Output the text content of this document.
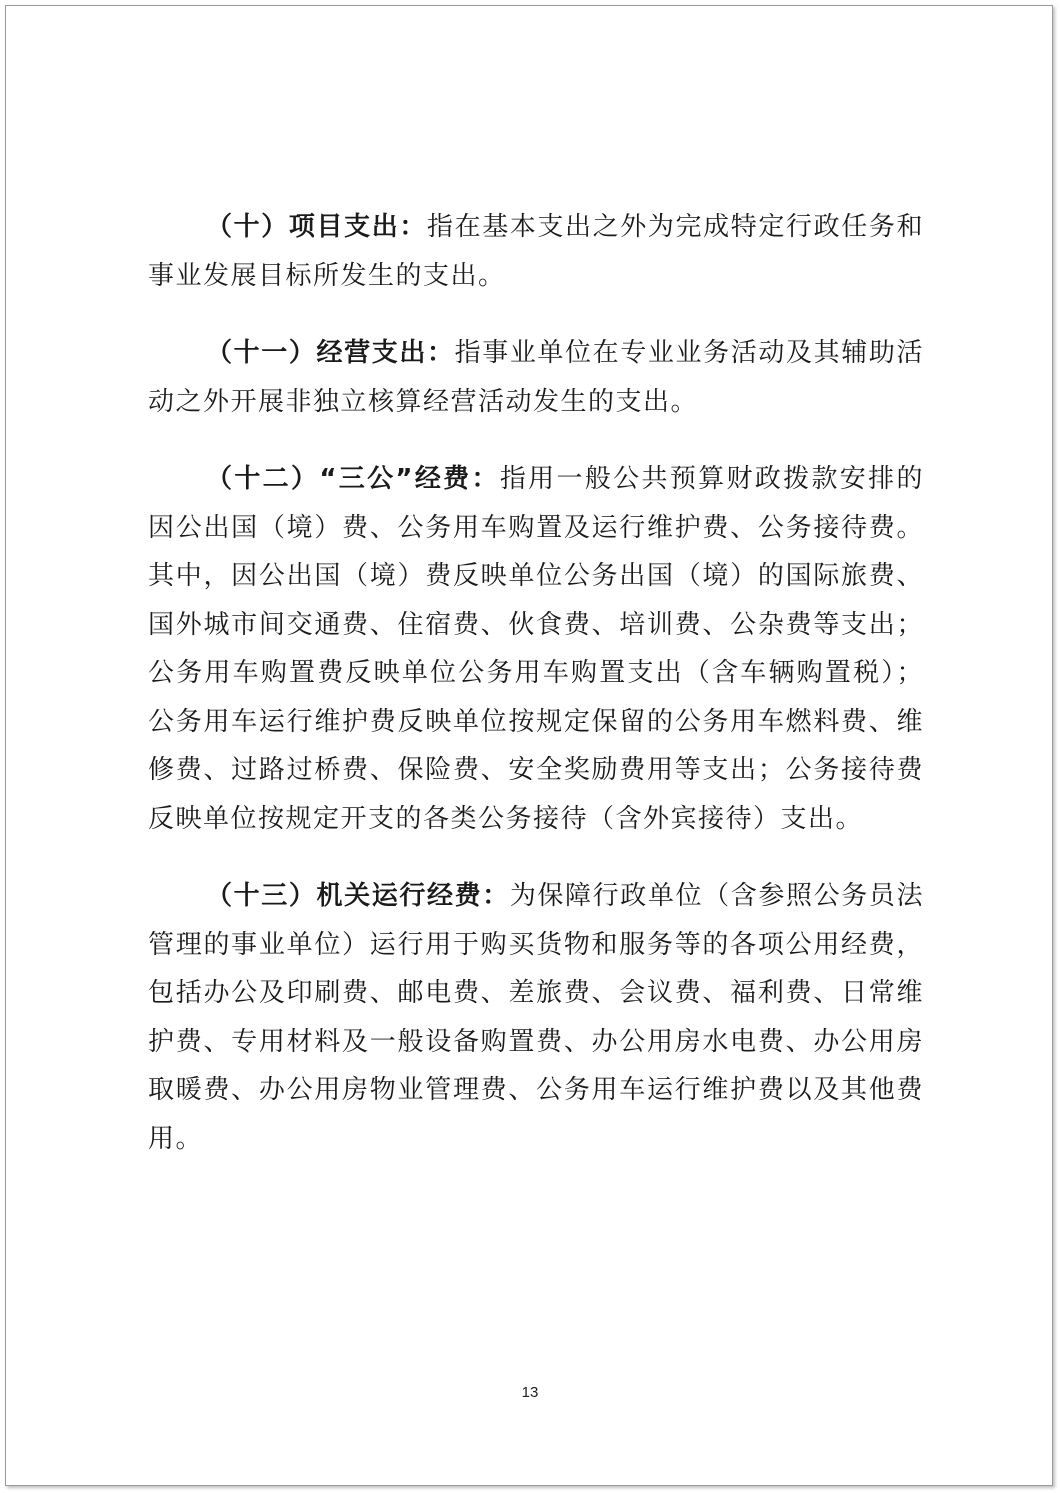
（十）项目支出：指在基本支出之外为完成特定行政任务和事业发展目标所发生的支出。

（十一）经营支出：指事业单位在专业业务活动及其辅助活动之外开展非独立核算经营活动发生的支出。

（十二）“三公”经费：指用一般公共预算财政拨款安排的因公出国（境）费、公务用车购置及运行维护费、公务接待费。其中，因公出国（境）费反映单位公务出国（境）的国际旅费、国外城市间交通费、住宿费、伙食费、培训费、公杂费等支出；公务用车购置费反映单位公务用车购置支出（含车辆购置税）；公务用车运行维护费反映单位按规定保留的公务用车燃料费、维修费、过路过桥费、保险费、安全奖励费用等支出；公务接待费反映单位按规定开支的各类公务接待（含外宾接待）支出。

（十三）机关运行经费：为保障行政单位（含参照公务员法管理的事业单位）运行用于购买货物和服务等的各项公用经费，包括办公及印刷费、邮电费、差旅费、会议费、福利费、日常维护费、专用材料及一般设备购置费、办公用房水电费、办公用房取暖费、办公用房物业管理费、公务用车运行维护费以及其他费用。

13
